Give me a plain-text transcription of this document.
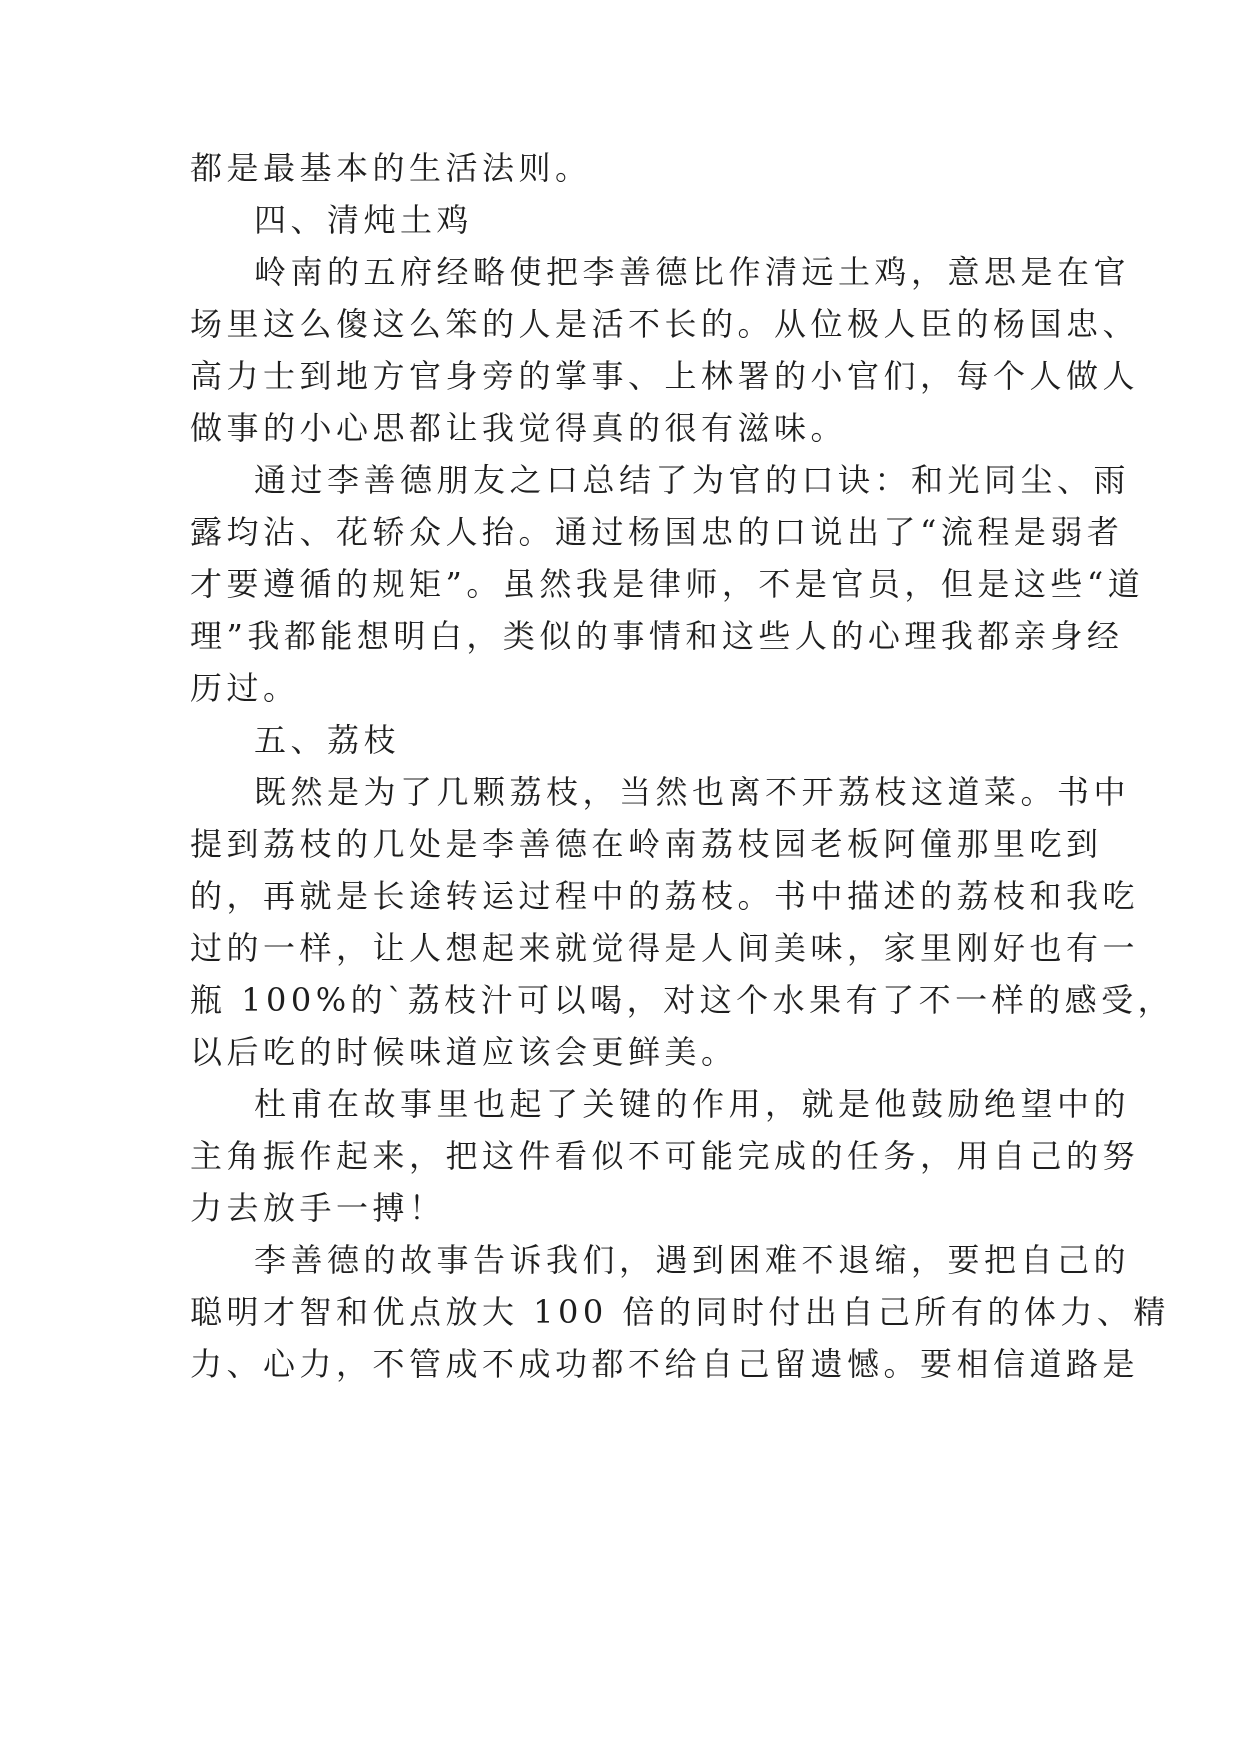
都是最基本的生活法则。
四、清炖土鸡
岭南的五府经略使把李善德比作清远土鸡，意思是在官
场里这么傻这么笨的人是活不长的。从位极人臣的杨国忠、
高力士到地方官身旁的掌事、上林署的小官们，每个人做人
做事的小心思都让我觉得真的很有滋味。
通过李善德朋友之口总结了为官的口诀：和光同尘、雨
露均沾、花轿众人抬。通过杨国忠的口说出了“流程是弱者
才要遵循的规矩”。虽然我是律师，不是官员，但是这些“道
理”我都能想明白，类似的事情和这些人的心理我都亲身经
历过。
五、荔枝
既然是为了几颗荔枝，当然也离不开荔枝这道菜。书中
提到荔枝的几处是李善德在岭南荔枝园老板阿僮那里吃到
的，再就是长途转运过程中的荔枝。书中描述的荔枝和我吃
过的一样，让人想起来就觉得是人间美味，家里刚好也有一
瓶 100%的`荔枝汁可以喝，对这个水果有了不一样的感受，
以后吃的时候味道应该会更鲜美。
杜甫在故事里也起了关键的作用，就是他鼓励绝望中的
主角振作起来，把这件看似不可能完成的任务，用自己的努
力去放手一搏！
李善德的故事告诉我们，遇到困难不退缩，要把自己的
聪明才智和优点放大 100 倍的同时付出自己所有的体力、精
力、心力，不管成不成功都不给自己留遗憾。要相信道路是
